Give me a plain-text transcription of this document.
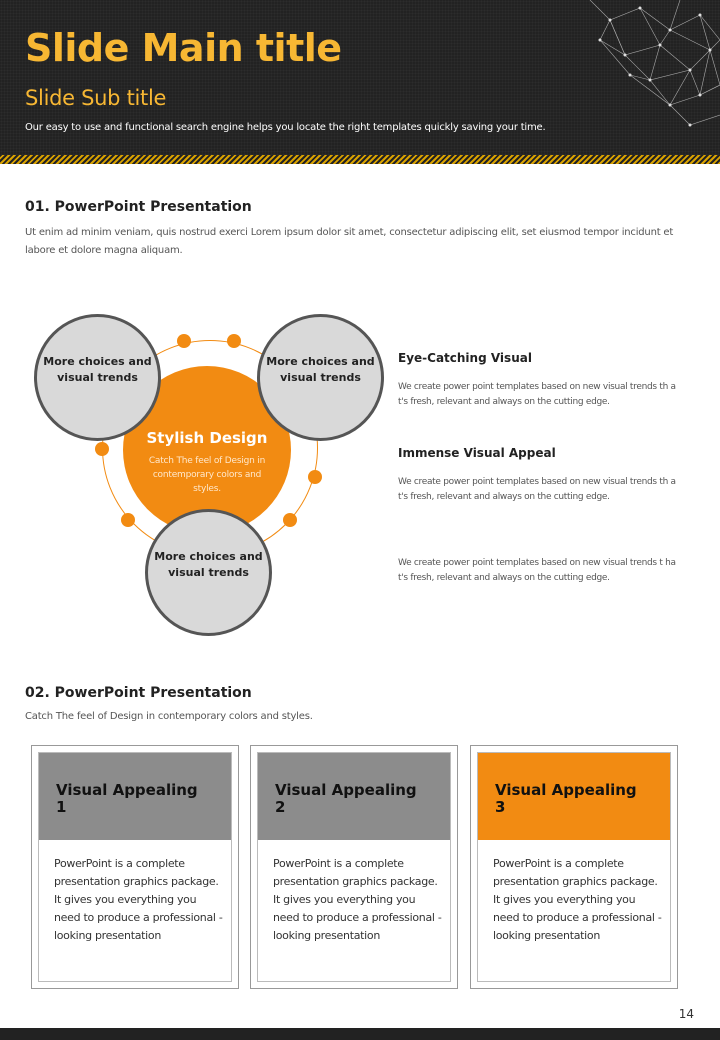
Slide Main title
Slide Sub title
Our easy to use and functional search engine helps you locate the right templates quickly saving your time.
01. PowerPoint Presentation
Ut enim ad minim veniam, quis nostrud exerci Lorem ipsum dolor sit amet, consectetur adipiscing elit, set eiusmod tempor incidunt et labore et dolore magna aliquam.
Stylish Design
Catch The feel of Design in contemporary colors and styles.
More choices and visual trends
More choices and visual trends
More choices and visual trends
Eye-Catching Visual
We create power point templates based on new visual trends th at's fresh, relevant and always on the cutting edge.
Immense Visual Appeal
We create power point templates based on new visual trends th at's fresh, relevant and always on the cutting edge.
We create power point templates based on new visual trends t hat's fresh, relevant and always on the cutting edge.
02. PowerPoint Presentation
Catch The feel of Design in contemporary colors and styles.
Visual Appealing 1
PowerPoint is a complete presentation graphics package. It gives you everything you need to produce a professional - looking presentation
Visual Appealing 2
PowerPoint is a complete presentation graphics package. It gives you everything you need to produce a professional - looking presentation
Visual Appealing 3
PowerPoint is a complete presentation graphics package. It gives you everything you need to produce a professional - looking presentation
14
